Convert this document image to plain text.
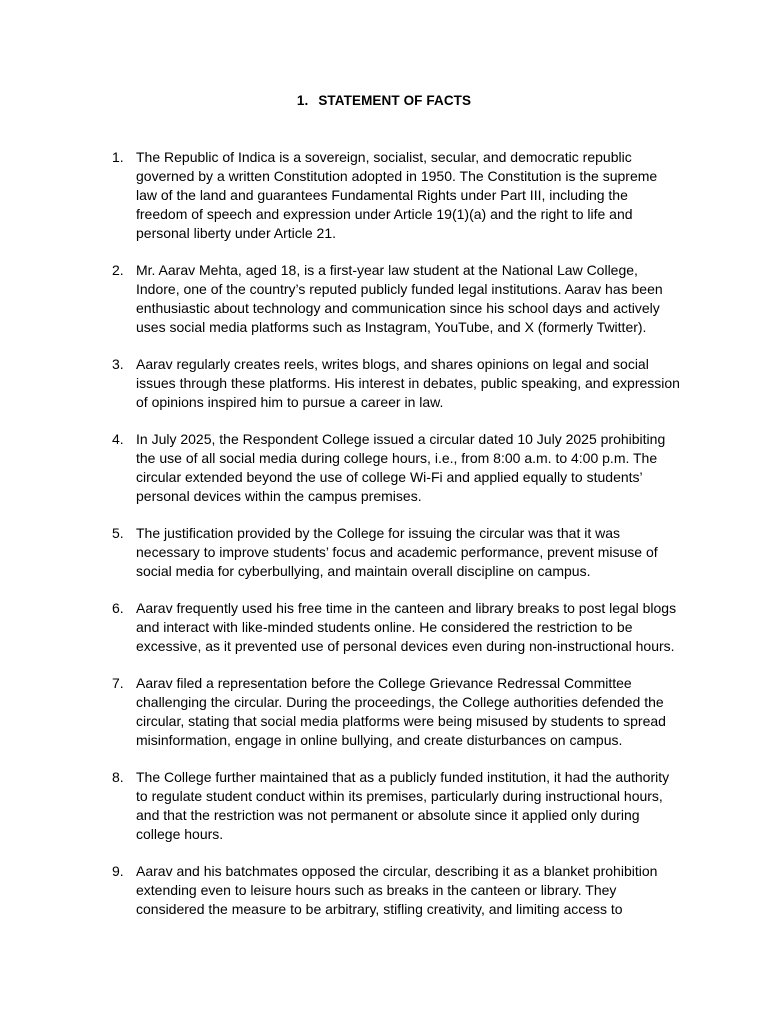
1. STATEMENT OF FACTS
1. The Republic of Indica is a sovereign, socialist, secular, and democratic republic governed by a written Constitution adopted in 1950. The Constitution is the supreme law of the land and guarantees Fundamental Rights under Part III, including the freedom of speech and expression under Article 19(1)(a) and the right to life and personal liberty under Article 21.
2. Mr. Aarav Mehta, aged 18, is a first-year law student at the National Law College, Indore, one of the country’s reputed publicly funded legal institutions. Aarav has been enthusiastic about technology and communication since his school days and actively uses social media platforms such as Instagram, YouTube, and X (formerly Twitter).
3. Aarav regularly creates reels, writes blogs, and shares opinions on legal and social issues through these platforms. His interest in debates, public speaking, and expression of opinions inspired him to pursue a career in law.
4. In July 2025, the Respondent College issued a circular dated 10 July 2025 prohibiting the use of all social media during college hours, i.e., from 8:00 a.m. to 4:00 p.m. The circular extended beyond the use of college Wi-Fi and applied equally to students’ personal devices within the campus premises.
5. The justification provided by the College for issuing the circular was that it was necessary to improve students’ focus and academic performance, prevent misuse of social media for cyberbullying, and maintain overall discipline on campus.
6. Aarav frequently used his free time in the canteen and library breaks to post legal blogs and interact with like-minded students online. He considered the restriction to be excessive, as it prevented use of personal devices even during non-instructional hours.
7. Aarav filed a representation before the College Grievance Redressal Committee challenging the circular. During the proceedings, the College authorities defended the circular, stating that social media platforms were being misused by students to spread misinformation, engage in online bullying, and create disturbances on campus.
8. The College further maintained that as a publicly funded institution, it had the authority to regulate student conduct within its premises, particularly during instructional hours, and that the restriction was not permanent or absolute since it applied only during college hours.
9. Aarav and his batchmates opposed the circular, describing it as a blanket prohibition extending even to leisure hours such as breaks in the canteen or library. They considered the measure to be arbitrary, stifling creativity, and limiting access to
